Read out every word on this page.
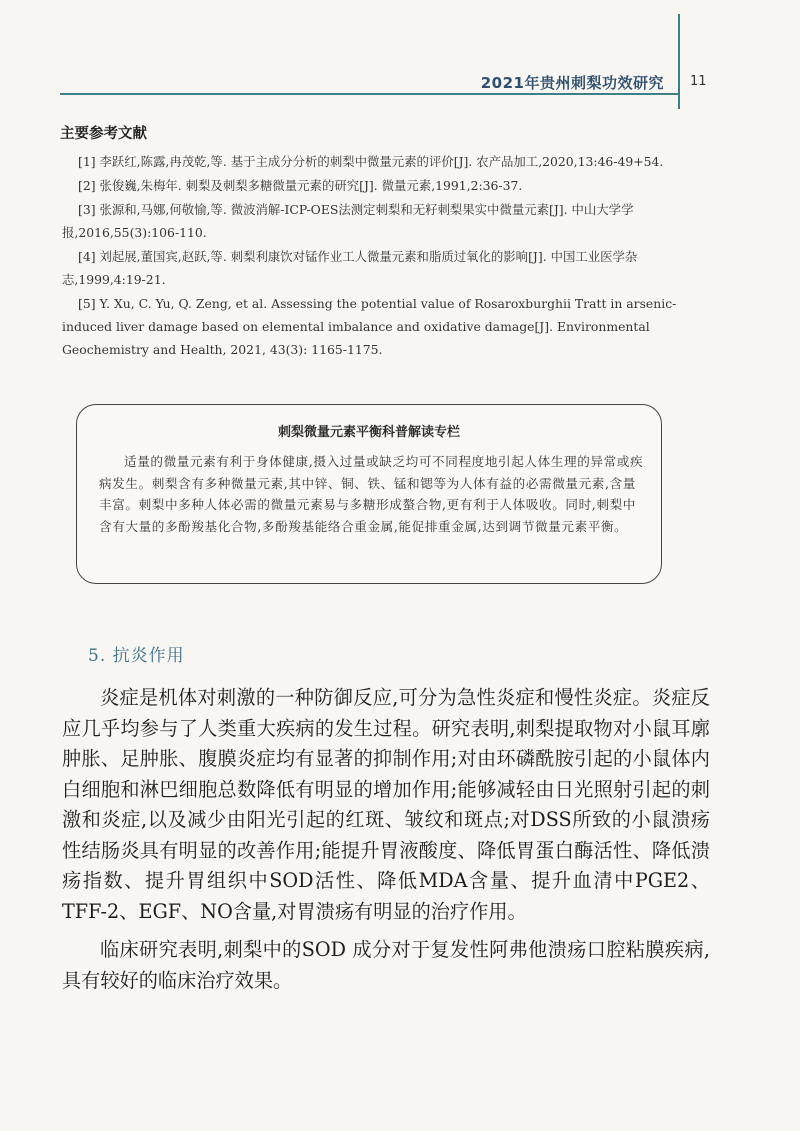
2021年贵州刺梨功效研究 11
主要参考文献

[1] 李跃红,陈露,冉茂乾,等. 基于主成分分析的刺梨中微量元素的评价[J]. 农产品加工,2020,13:46-49+54.

[2] 张俊巍,朱梅年. 刺梨及刺梨多糖微量元素的研究[J]. 微量元素,1991,2:36-37.

[3] 张源和,马娜,何敬愉,等. 微波消解-ICP-OES法测定刺梨和无籽刺梨果实中微量元素[J]. 中山大学学报,2016,55(3):106-110.

[4] 刘起展,董国宾,赵跃,等. 刺梨利康饮对锰作业工人微量元素和脂质过氧化的影响[J]. 中国工业医学杂志,1999,4:19-21.

[5] Y. Xu, C. Yu, Q. Zeng, et al. Assessing the potential value of Rosaroxburghii Tratt in arsenic-induced liver damage based on elemental imbalance and oxidative damage[J]. Environmental Geochemistry and Health, 2021, 43(3): 1165-1175.

刺梨微量元素平衡科普解读专栏
适量的微量元素有利于身体健康,摄入过量或缺乏均可不同程度地引起人体生理的异常或疾病发生。刺梨含有多种微量元素,其中锌、铜、铁、锰和锶等为人体有益的必需微量元素,含量丰富。刺梨中多种人体必需的微量元素易与多糖形成螯合物,更有利于人体吸收。同时,刺梨中含有大量的多酚羧基化合物,多酚羧基能络合重金属,能促排重金属,达到调节微量元素平衡。
5. 抗炎作用

炎症是机体对刺激的一种防御反应,可分为急性炎症和慢性炎症。炎症反应几乎均参与了人类重大疾病的发生过程。研究表明,刺梨提取物对小鼠耳廓肿胀、足肿胀、腹膜炎症均有显著的抑制作用;对由环磷酰胺引起的小鼠体内白细胞和淋巴细胞总数降低有明显的增加作用;能够减轻由日光照射引起的刺激和炎症,以及减少由阳光引起的红斑、皱纹和斑点;对DSS所致的小鼠溃疡性结肠炎具有明显的改善作用;能提升胃液酸度、降低胃蛋白酶活性、降低溃疡指数、提升胃组织中SOD活性、降低MDA含量、提升血清中PGE2、TFF-2、EGF、NO含量,对胃溃疡有明显的治疗作用。

临床研究表明,刺梨中的SOD 成分对于复发性阿弗他溃疡口腔粘膜疾病,具有较好的临床治疗效果。
